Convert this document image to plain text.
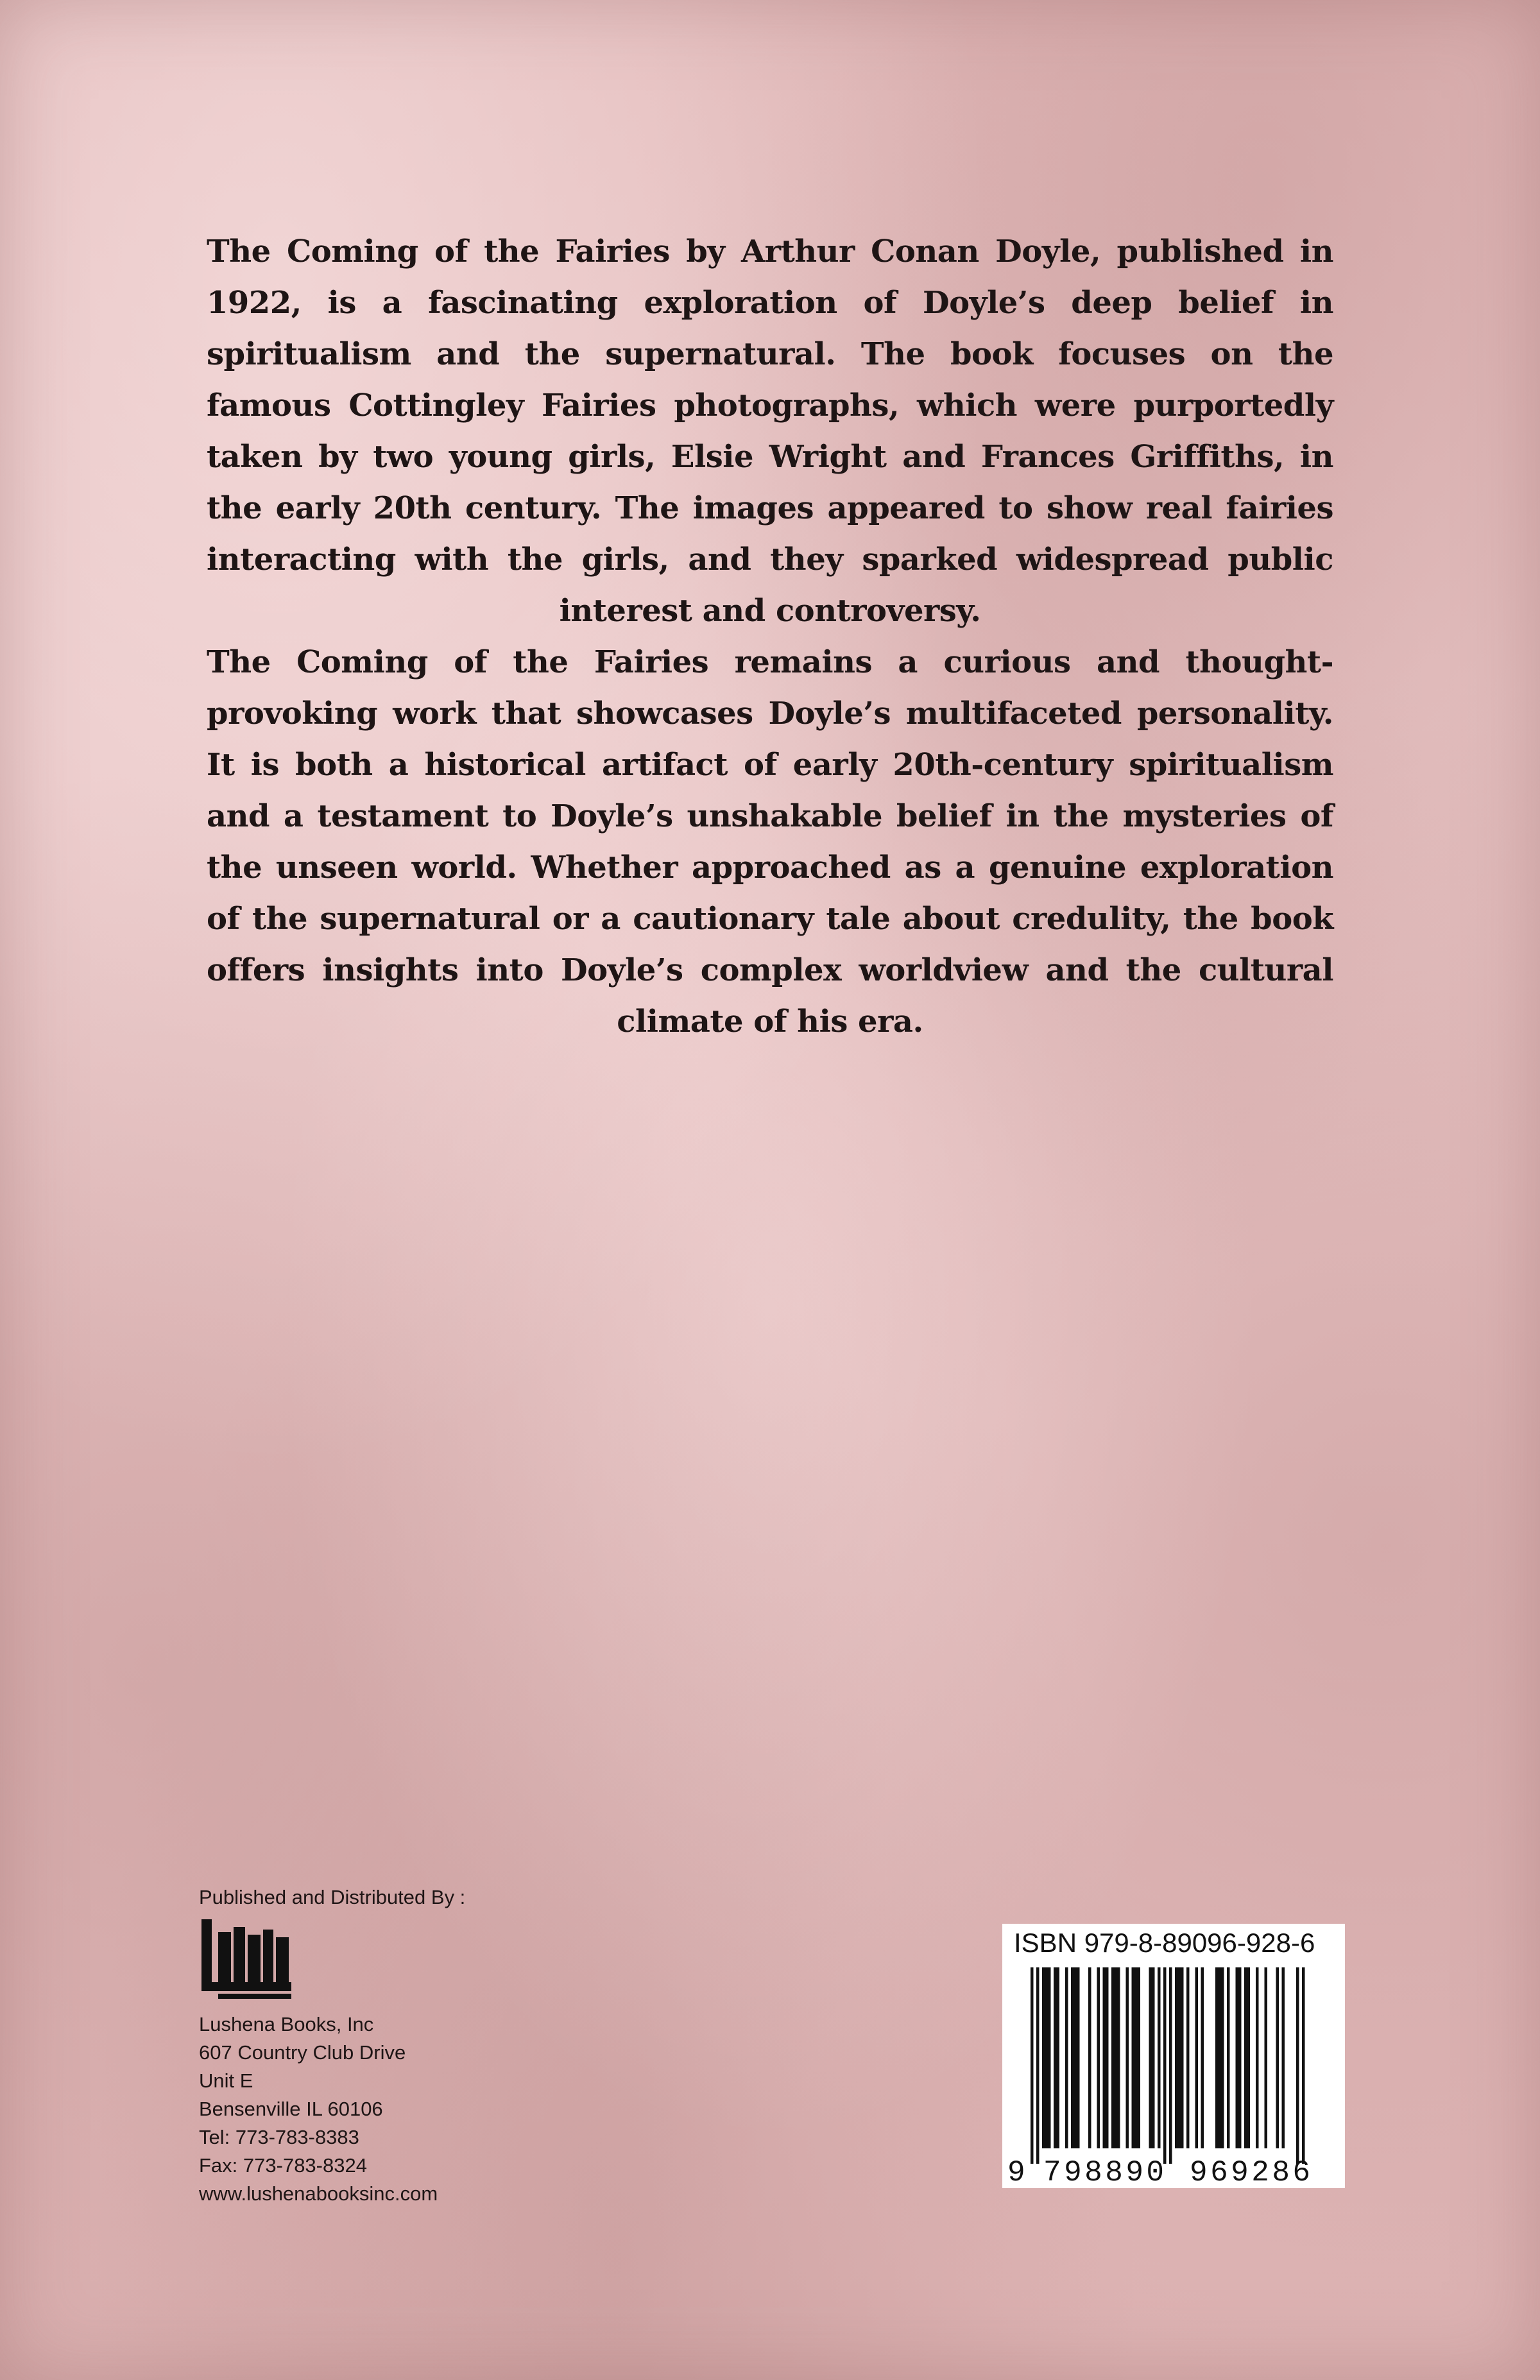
The Coming of the Fairies by Arthur Conan Doyle, published in 1922, is a fascinating exploration of Doyle’s deep belief in spiritualism and the supernatural. The book focuses on the famous Cottingley Fairies photographs, which were purportedly taken by two young girls, Elsie Wright and Frances Griffiths, in the early 20th century. The images appeared to show real fairies interacting with the girls, and they sparked widespread public interest and controversy.

The Coming of the Fairies remains a curious and thought-provoking work that showcases Doyle’s multifaceted personality. It is both a historical artifact of early 20th-century spiritualism and a testament to Doyle’s unshakable belief in the mysteries of the unseen world. Whether approached as a genuine exploration of the supernatural or a cautionary tale about credulity, the book offers insights into Doyle’s complex worldview and the cultural climate of his era.

Published and Distributed By :
Lushena Books, Inc
607 Country Club Drive
Unit E
Bensenville IL 60106
Tel: 773-783-8383
Fax: 773-783-8324
www.lushenabooksinc.com
ISBN 979-8-89096-928-6
9 798890 969286
